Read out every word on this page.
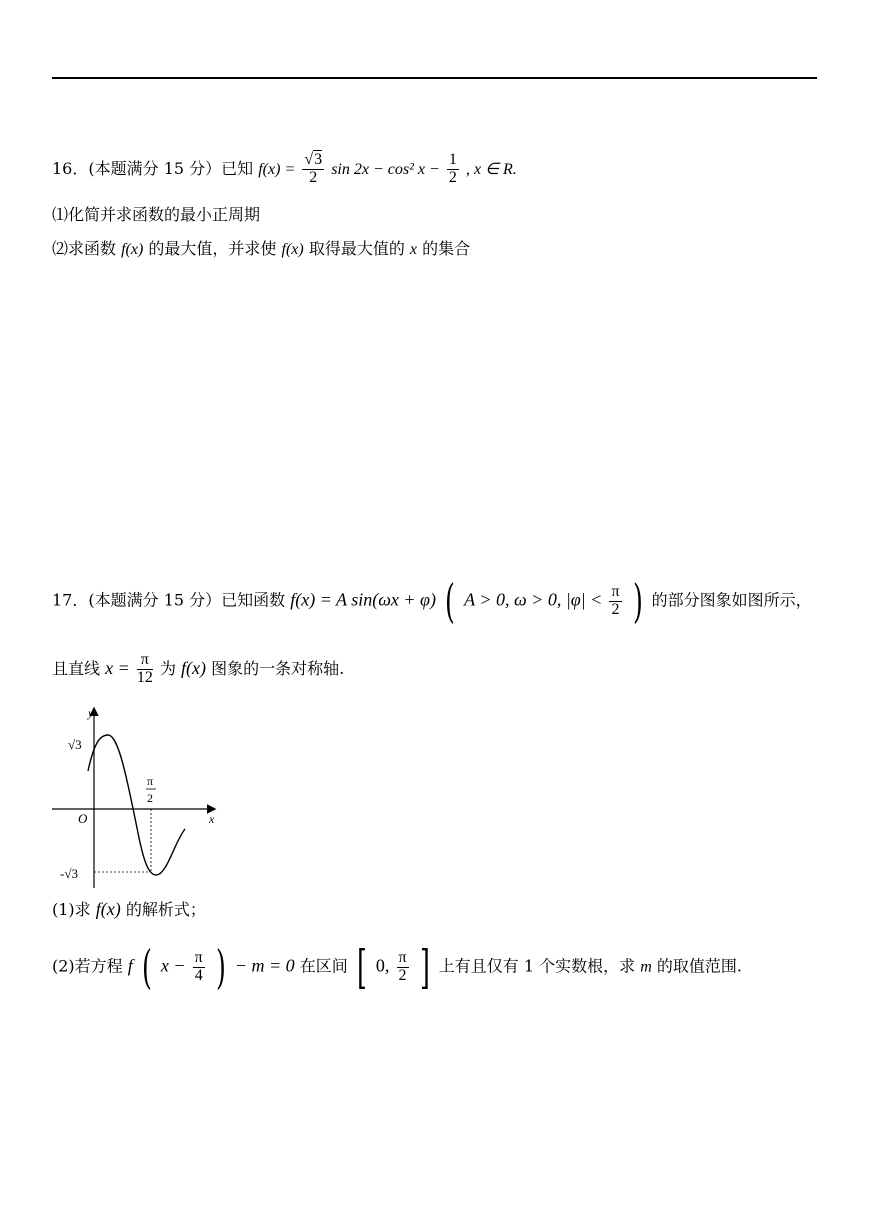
16．(本题满分 15 分）已知 $f(x) = \frac{√3}{2}$ sin 2x − cos² $x - \frac{1}{2}$ , x ∈ R.
⑴化简并求函数的最小正周期
⑵求函数 f(x) 的最大值，并求使 f(x) 取得最大值的 x 的集合
17．(本题满分 15 分）已知函数 f(x) = A sin(ωx + φ) ( A > 0, ω > 0, $|\varphi| < \frac{\pi}{2}$ ) 的部分图象如图所示，
且直线 $x = \frac{\pi}{12}$ 为 f(x) 图象的一条对称轴.
y
x
O
√3
-√3
π
2
(1)求 f(x) 的解析式；
(2)若方程 f ( $x - \frac{\pi}{4}$ ) − m = 0 在区间 [ 0, $\frac{\pi}{2}$ ] 上有且仅有 1 个实数根，求 m 的取值范围.
